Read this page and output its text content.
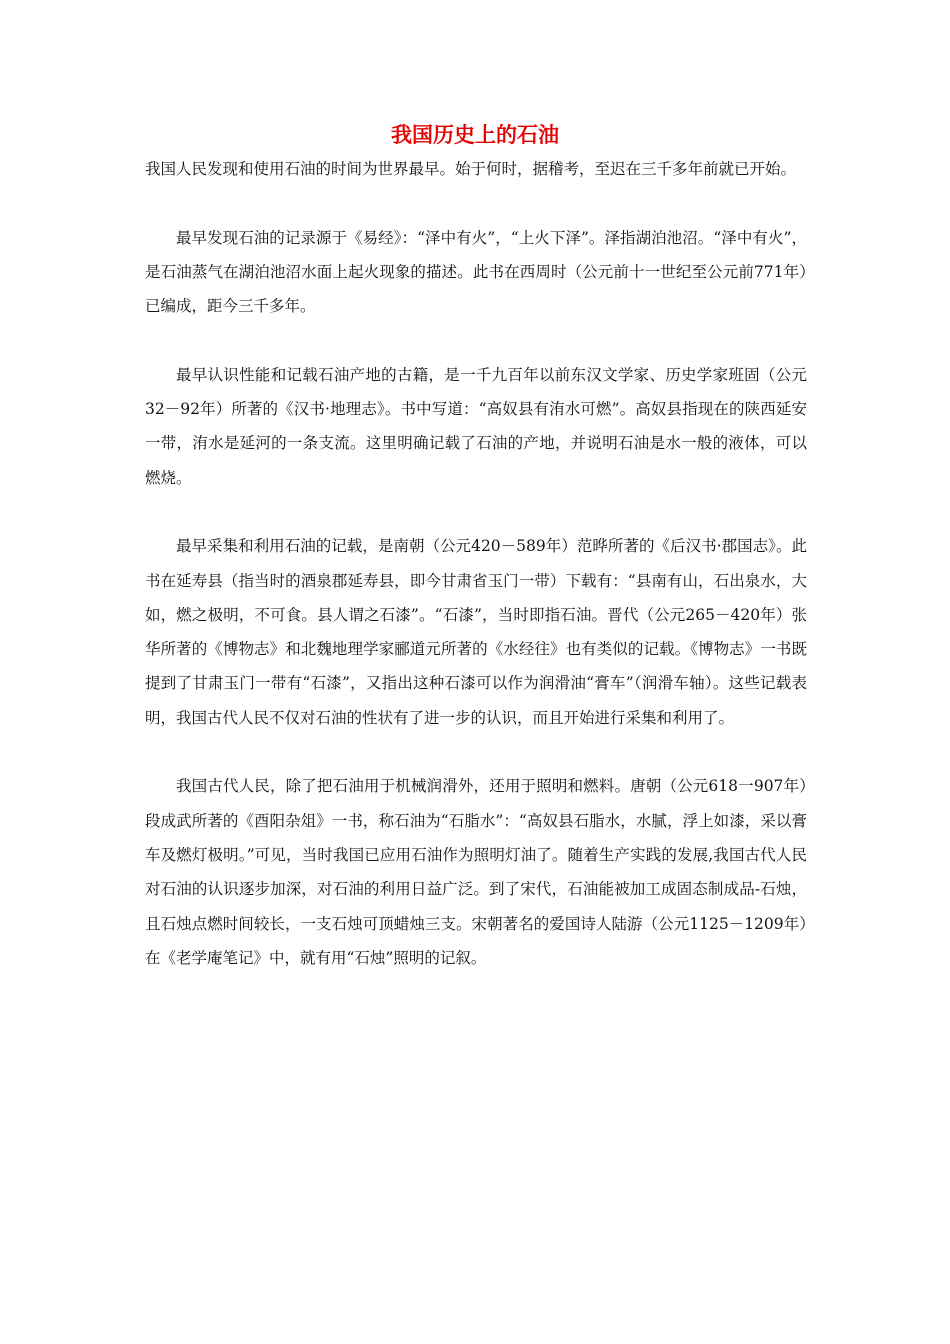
我国历史上的石油

我国人民发现和使用石油的时间为世界最早。始于何时，据稽考，至迟在三千多年前就已开始。

最早发现石油的记录源于《易经》：“泽中有火”，“上火下泽”。泽指湖泊池沼。“泽中有火”，是石油蒸气在湖泊池沼水面上起火现象的描述。此书在西周时（公元前十一世纪至公元前771年）已编成，距今三千多年。

最早认识性能和记载石油产地的古籍，是一千九百年以前东汉文学家、历史学家班固（公元32－92年）所著的《汉书·地理志》。书中写道：“高奴县有洧水可燃”。高奴县指现在的陕西延安一带，洧水是延河的一条支流。这里明确记载了石油的产地，并说明石油是水一般的液体，可以燃烧。

最早采集和利用石油的记载，是南朝（公元420－589年）范晔所著的《后汉书·郡国志》。此书在延寿县（指当时的酒泉郡延寿县，即今甘肃省玉门一带）下载有：“县南有山，石出泉水，大如，燃之极明，不可食。县人谓之石漆”。“石漆”，当时即指石油。晋代（公元265－420年）张华所著的《博物志》和北魏地理学家郦道元所著的《水经往》也有类似的记载。《博物志》一书既提到了甘肃玉门一带有“石漆”，又指出这种石漆可以作为润滑油“膏车”（润滑车轴）。这些记载表明，我国古代人民不仅对石油的性状有了进一步的认识，而且开始进行采集和利用了。

我国古代人民，除了把石油用于机械润滑外，还用于照明和燃料。唐朝（公元618一907年）段成武所著的《酉阳杂俎》一书，称石油为“石脂水”：“高奴县石脂水，水腻，浮上如漆，采以膏车及燃灯极明。”可见，当时我国已应用石油作为照明灯油了。随着生产实践的发展,我国古代人民对石油的认识逐步加深，对石油的利用日益广泛。到了宋代，石油能被加工成固态制成品-石烛，且石烛点燃时间较长，一支石烛可顶蜡烛三支。宋朝著名的爱国诗人陆游（公元1125－1209年）在《老学庵笔记》中，就有用“石烛”照明的记叙。
